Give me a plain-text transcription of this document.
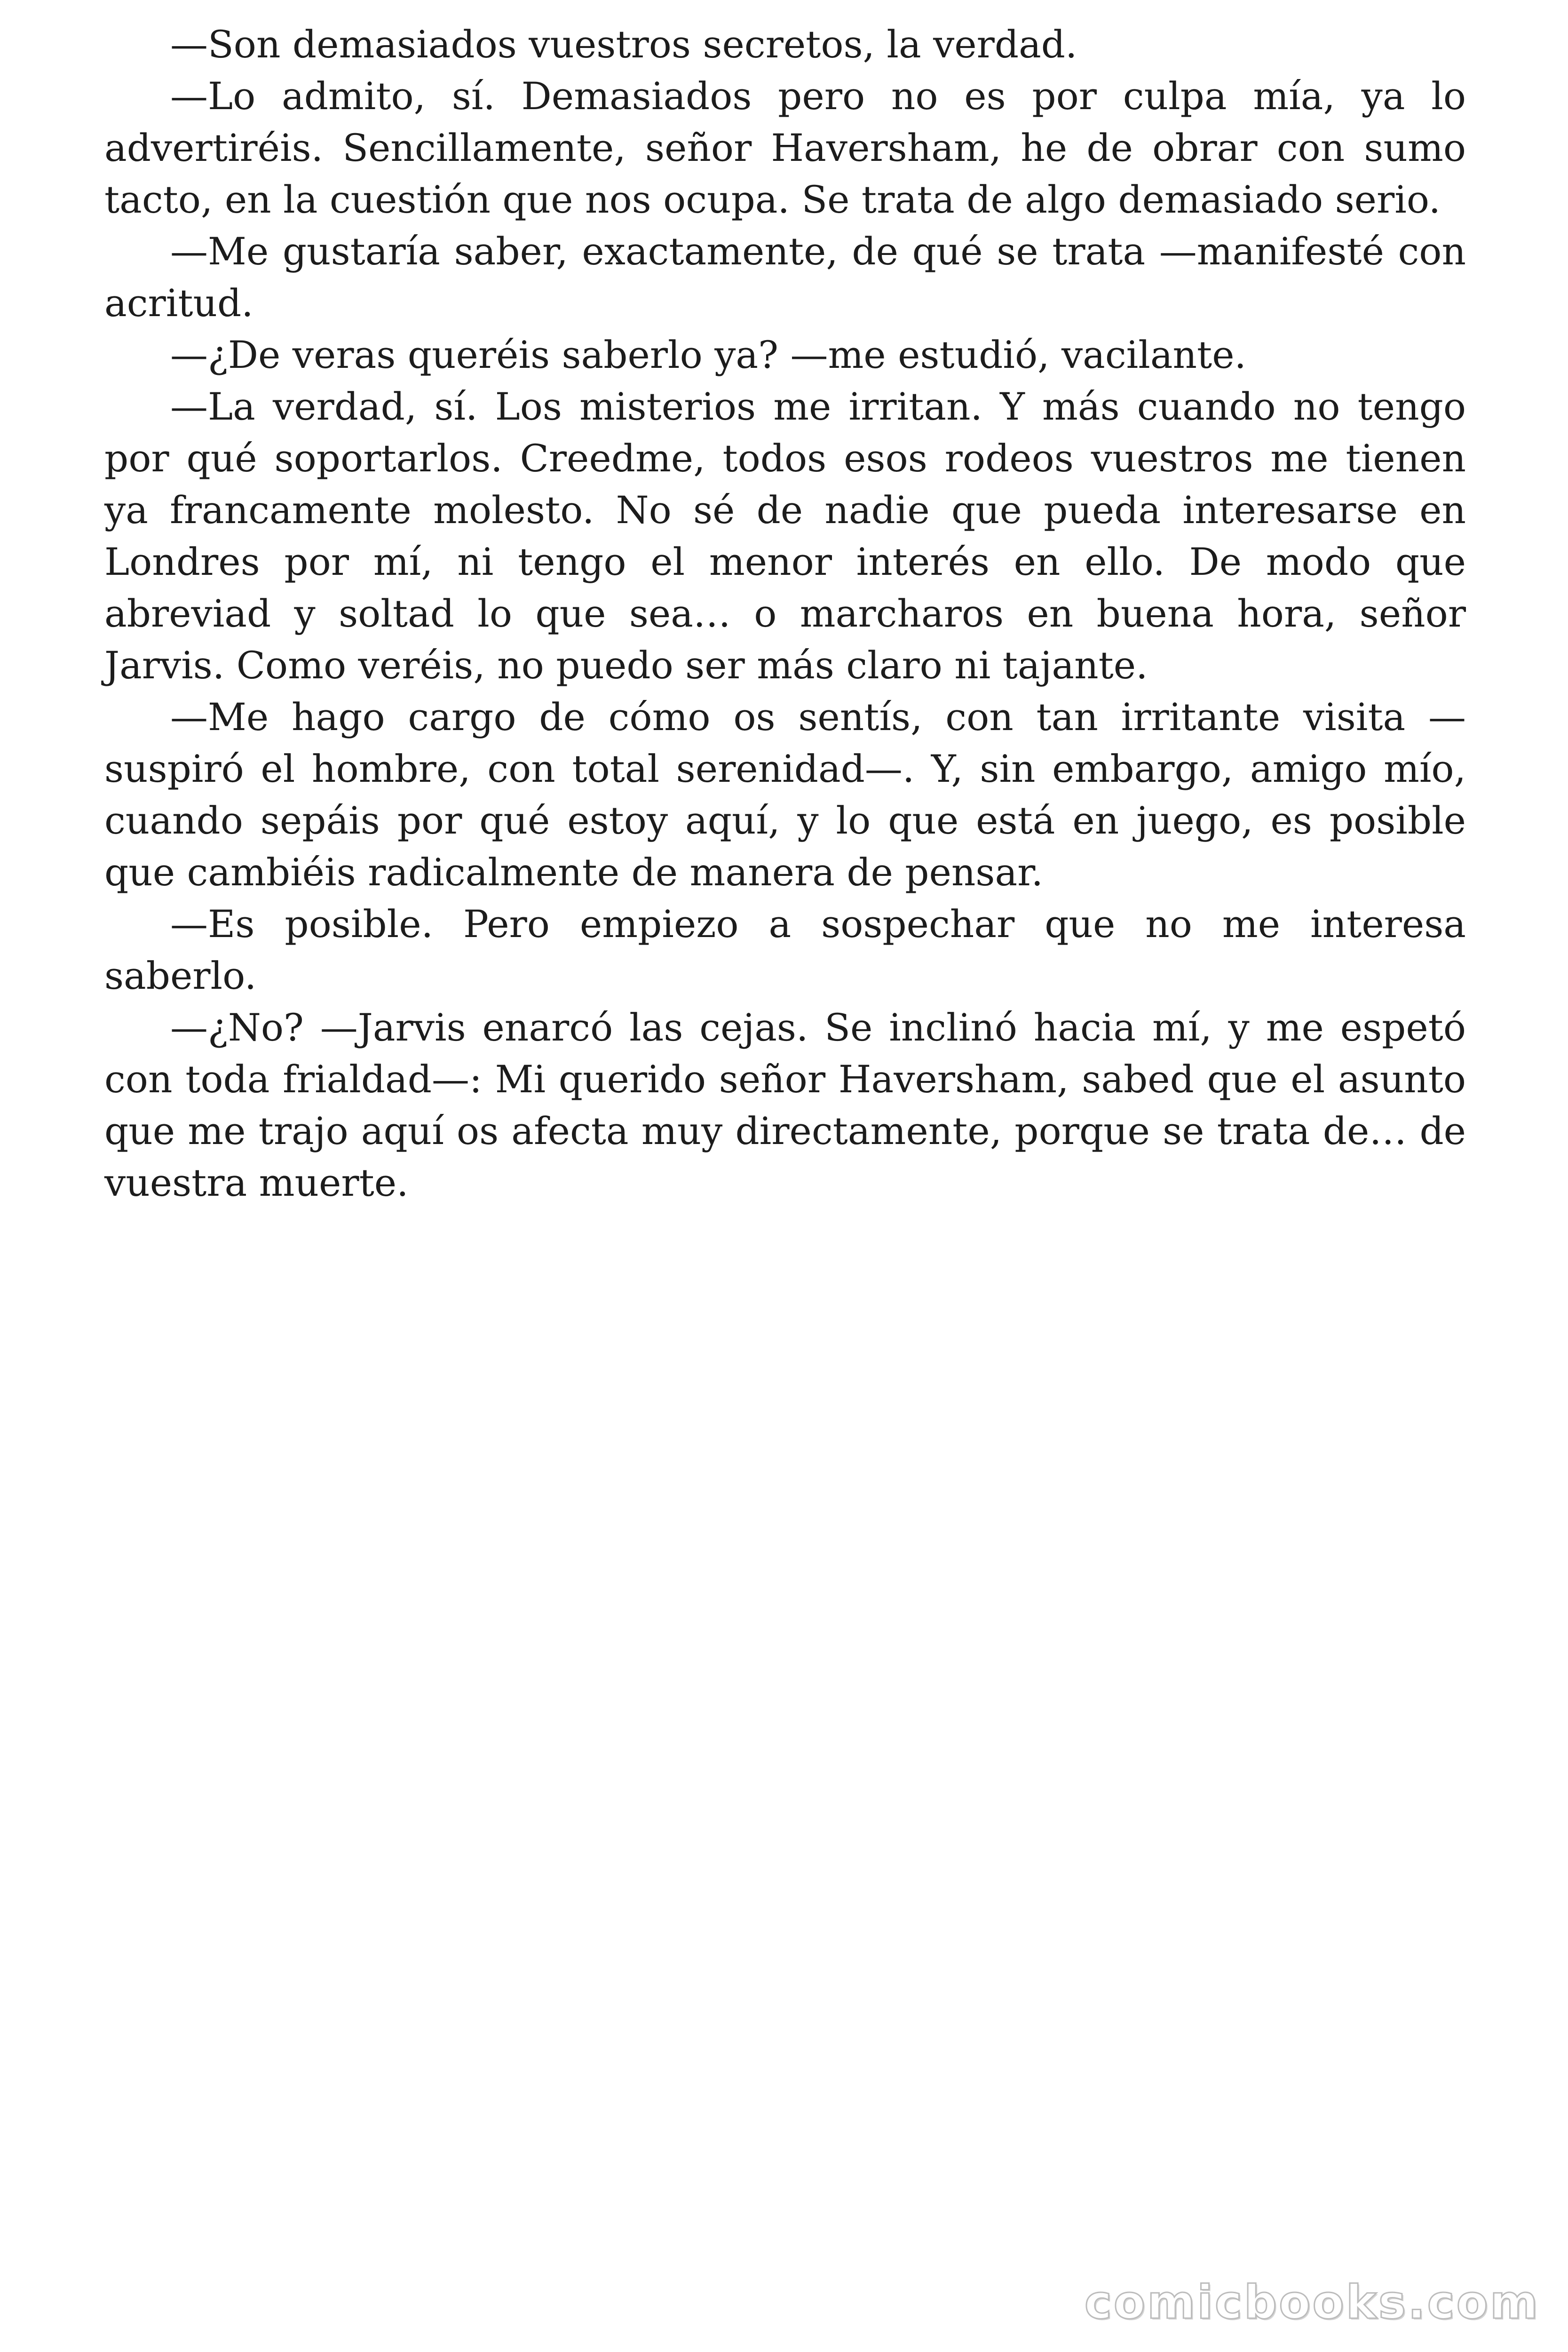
—Son demasiados vuestros secretos, la verdad.

—Lo admito, sí. Demasiados pero no es por culpa mía, ya lo advertiréis. Sencillamente, señor Haversham, he de obrar con sumo tacto, en la cuestión que nos ocupa. Se trata de algo demasiado serio.

—Me gustaría saber, exactamente, de qué se trata —manifesté con acritud.

—¿De veras queréis saberlo ya? —me estudió, vacilante.

—La verdad, sí. Los misterios me irritan. Y más cuando no tengo por qué soportarlos. Creedme, todos esos rodeos vuestros me tienen ya francamente molesto. No sé de nadie que pueda interesarse en Londres por mí, ni tengo el menor interés en ello. De modo que abreviad y soltad lo que sea… o marcharos en buena hora, señor Jarvis. Como veréis, no puedo ser más claro ni tajante.

—Me hago cargo de cómo os sentís, con tan irritante visita —suspiró el hombre, con total serenidad—. Y, sin embargo, amigo mío, cuando sepáis por qué estoy aquí, y lo que está en juego, es posible que cambiéis radicalmente de manera de pensar.

—Es posible. Pero empiezo a sospechar que no me interesa saberlo.

—¿No? —Jarvis enarcó las cejas. Se inclinó hacia mí, y me espetó con toda frialdad—: Mi querido señor Haversham, sabed que el asunto que me trajo aquí os afecta muy directamente, porque se trata de… de vuestra muerte.

comicbooks.com
